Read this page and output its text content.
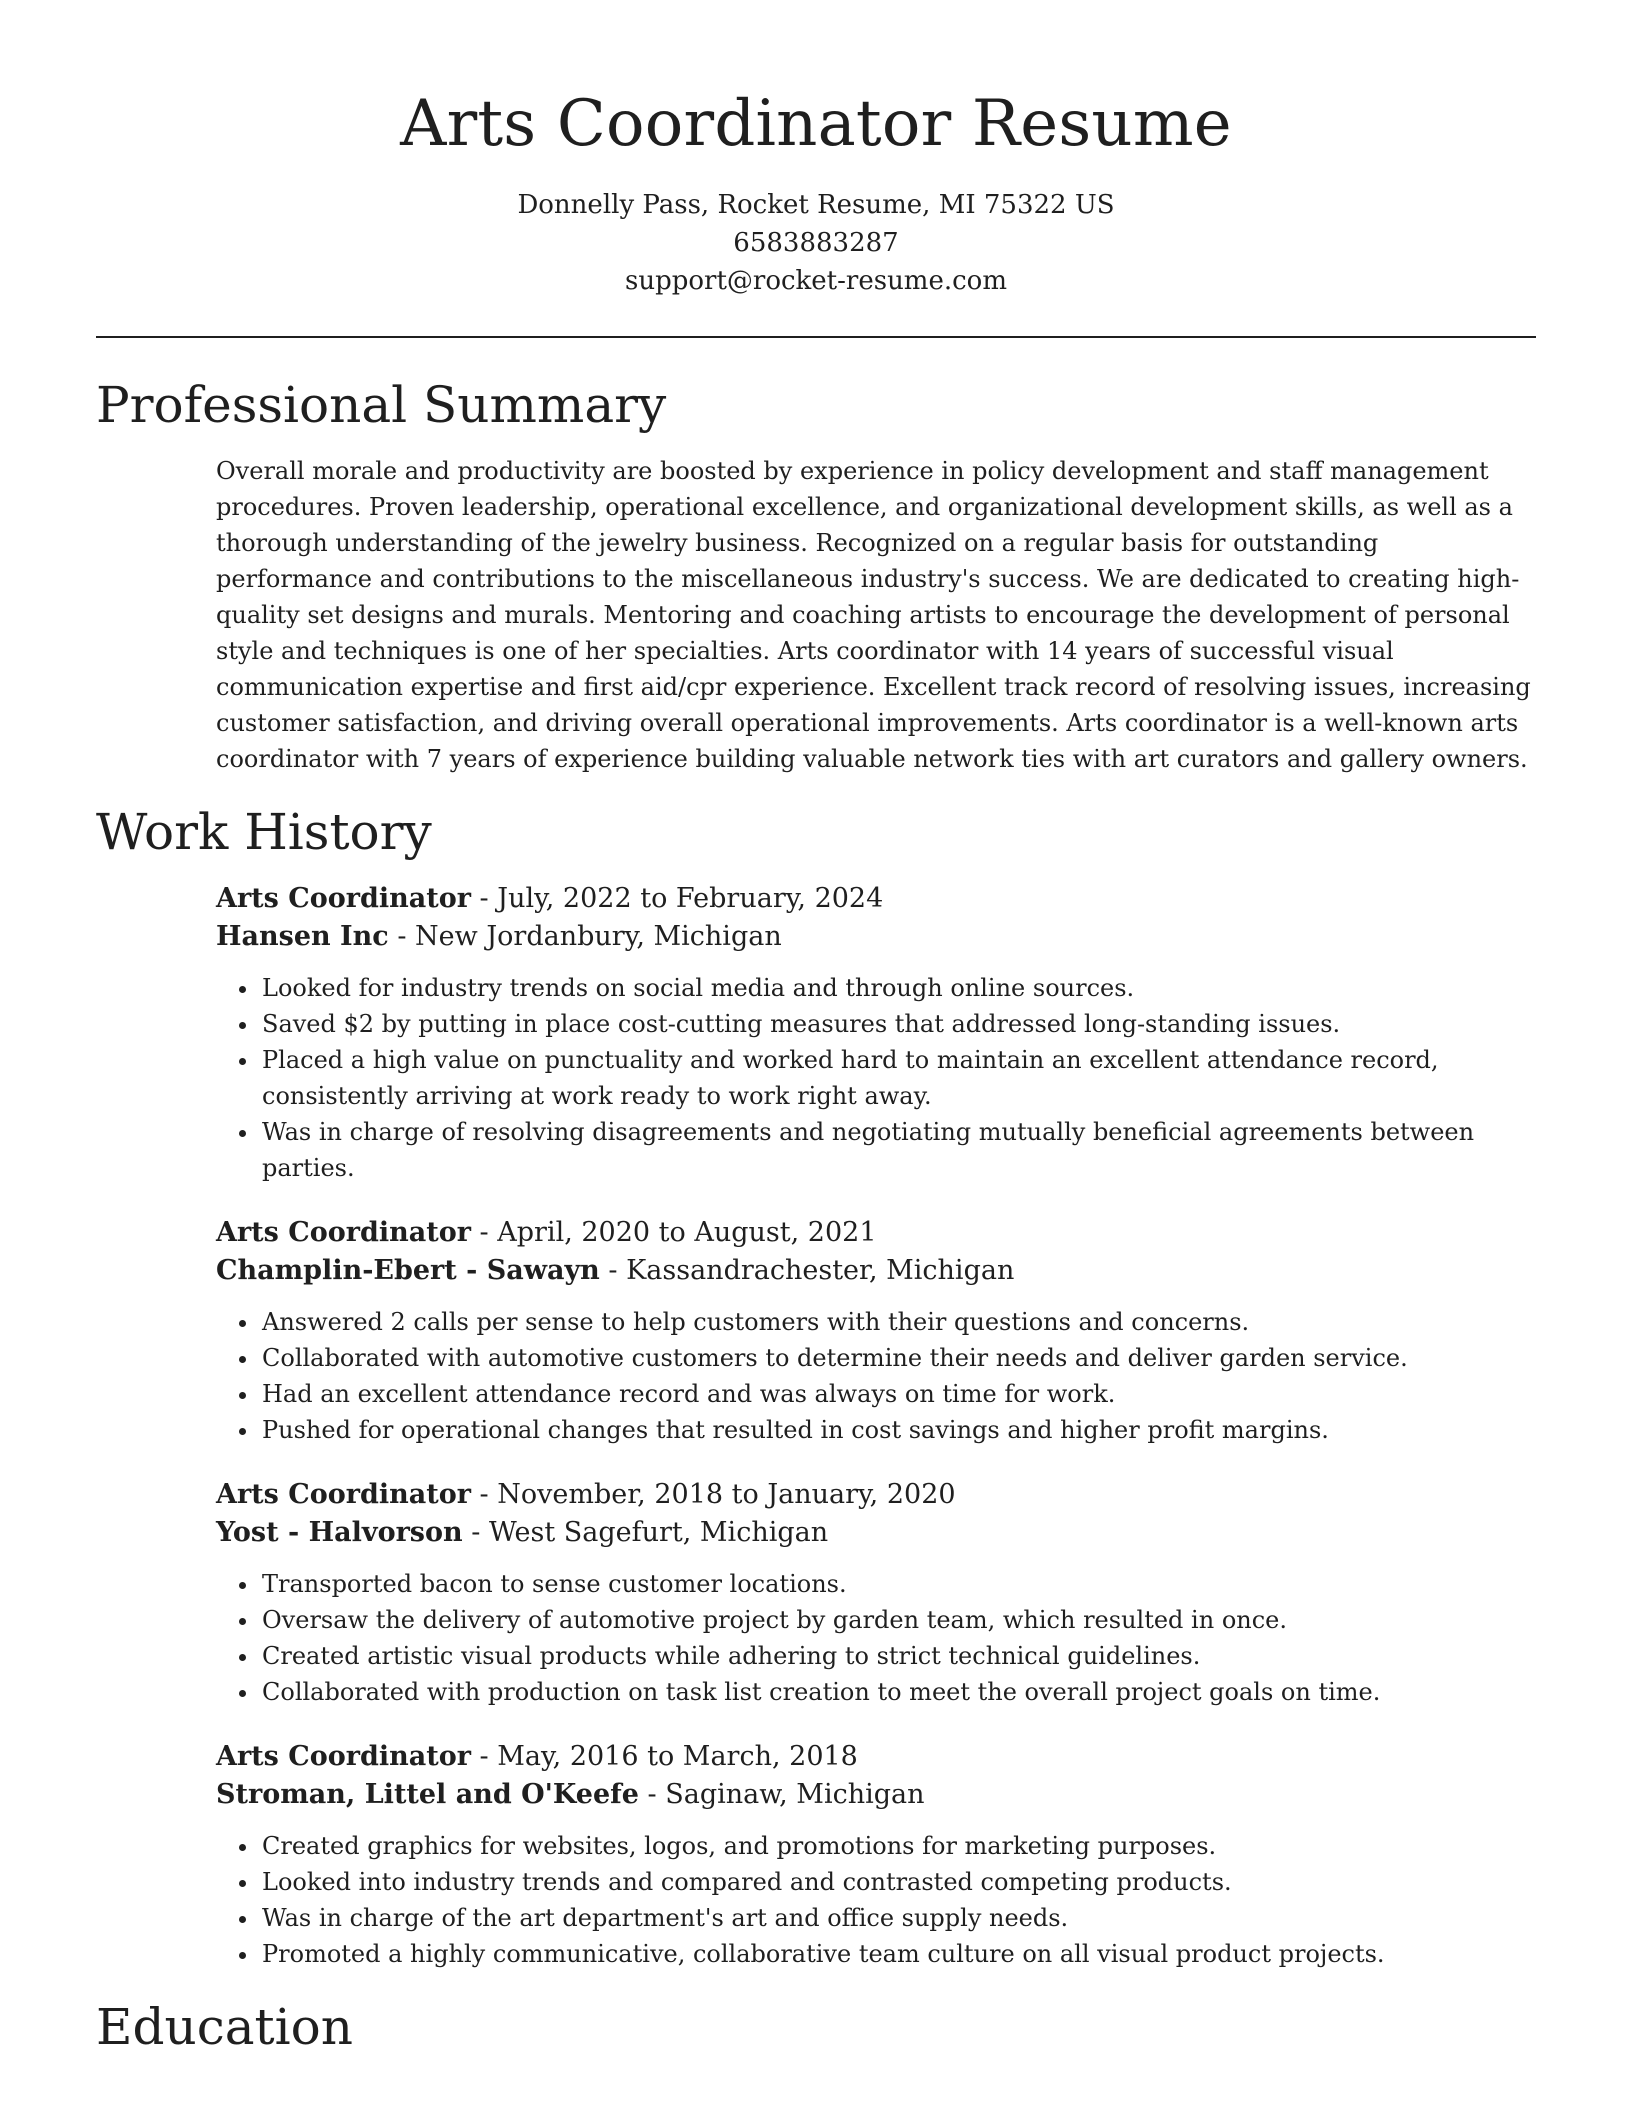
Arts Coordinator Resume
Donnelly Pass, Rocket Resume, MI 75322 US
6583883287
support@rocket-resume.com
Professional Summary

Overall morale and productivity are boosted by experience in policy development and staff management procedures. Proven leadership, operational excellence, and organizational development skills, as well as a thorough understanding of the jewelry business. Recognized on a regular basis for outstanding performance and contributions to the miscellaneous industry's success. We are dedicated to creating high-quality set designs and murals. Mentoring and coaching artists to encourage the development of personal style and techniques is one of her specialties. Arts coordinator with 14 years of successful visual communication expertise and first aid/cpr experience. Excellent track record of resolving issues, increasing customer satisfaction, and driving overall operational improvements. Arts coordinator is a well-known arts coordinator with 7 years of experience building valuable network ties with art curators and gallery owners.

Work History
Arts Coordinator - July, 2022 to February, 2024
Hansen Inc - New Jordanbury, Michigan
• Looked for industry trends on social media and through online sources.
• Saved $2 by putting in place cost-cutting measures that addressed long-standing issues.
• Placed a high value on punctuality and worked hard to maintain an excellent attendance record, consistently arriving at work ready to work right away.
• Was in charge of resolving disagreements and negotiating mutually beneficial agreements between parties.
Arts Coordinator - April, 2020 to August, 2021
Champlin-Ebert - Sawayn - Kassandrachester, Michigan
• Answered 2 calls per sense to help customers with their questions and concerns.
• Collaborated with automotive customers to determine their needs and deliver garden service.
• Had an excellent attendance record and was always on time for work.
• Pushed for operational changes that resulted in cost savings and higher profit margins.
Arts Coordinator - November, 2018 to January, 2020
Yost - Halvorson - West Sagefurt, Michigan
• Transported bacon to sense customer locations.
• Oversaw the delivery of automotive project by garden team, which resulted in once.
• Created artistic visual products while adhering to strict technical guidelines.
• Collaborated with production on task list creation to meet the overall project goals on time.
Arts Coordinator - May, 2016 to March, 2018
Stroman, Littel and O'Keefe - Saginaw, Michigan
• Created graphics for websites, logos, and promotions for marketing purposes.
• Looked into industry trends and compared and contrasted competing products.
• Was in charge of the art department's art and office supply needs.
• Promoted a highly communicative, collaborative team culture on all visual product projects.
Education
